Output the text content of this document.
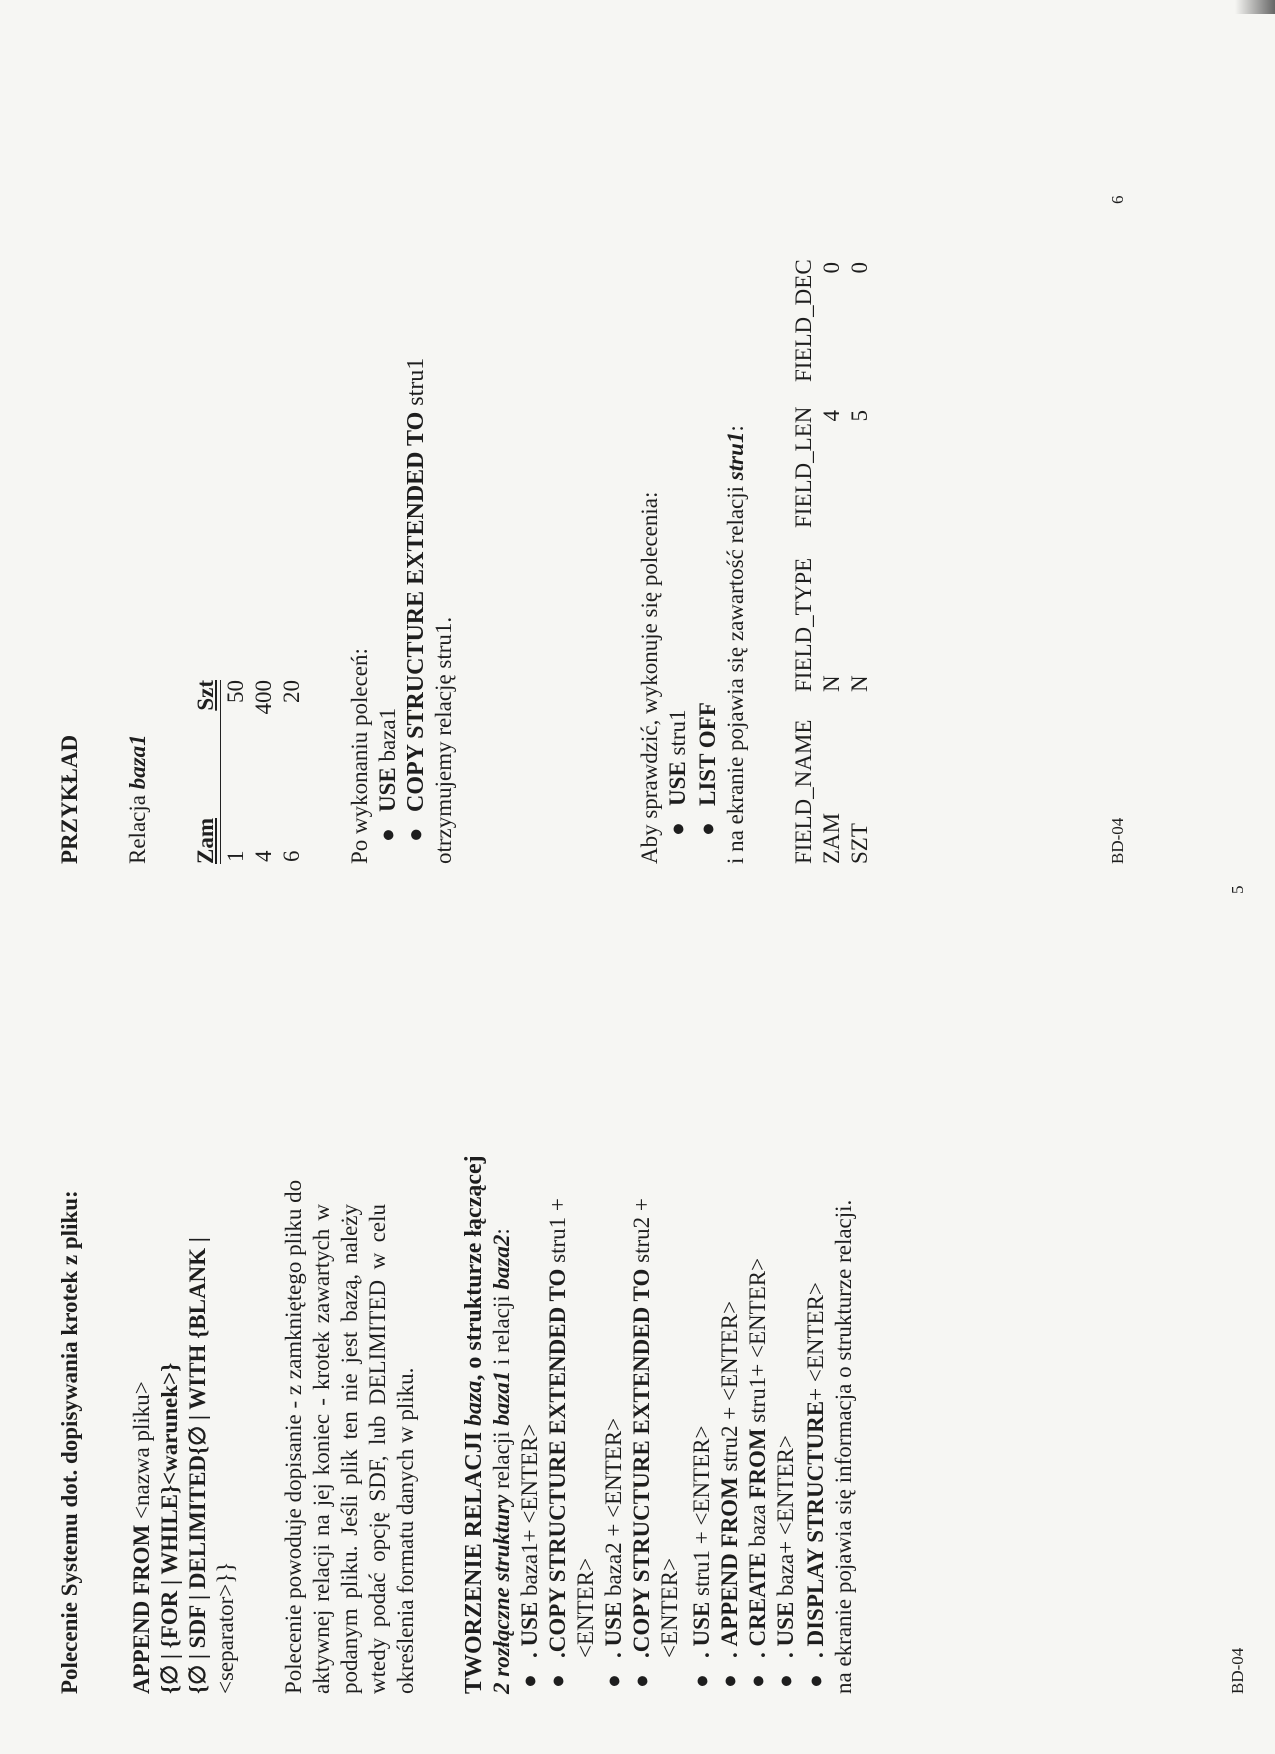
Polecenie Systemu dot. dopisywania krotek z pliku: APPEND FROM <nazwa pliku> {∅ | {FOR | WHILE}<warunek>} {∅ | SDF | DELIMITED{∅ | WITH {BLANK | <separator>}} Polecenie powoduje dopisanie - z zamkniętego pliku do aktywnej relacji na jej koniec - krotek zawartych w podanym pliku. Jeśli plik ten nie jest bazą, należy wtedy podać opcję SDF, lub DELIMITED w celu określenia formatu danych w pliku. TWORZENIE RELACJI baza, o strukturze łączącej
2 rozłączne struktury relacji baza1 i relacji baza2:
●. USE baza1+ <ENTER>
●.COPY STRUCTURE EXTENDED TO stru1 +
<ENTER>
●. USE baza2 + <ENTER>
●.COPY STRUCTURE EXTENDED TO stru2 +
<ENTER>
●. USE stru1 + <ENTER>
●. APPEND FROM stru2 + <ENTER>
●. CREATE baza FROM stru1+ <ENTER>
●. USE baza+ <ENTER>
●. DISPLAY STRUCTURE+ <ENTER> na ekranie pojawia się informacja o strukturze relacji.	BD-04
5
PRZYKŁAD Relacja baza1
Zam
Szt
1
50
4
400
6
20 Po wykonaniu poleceń: ●USE baza1
●COPY STRUCTURE EXTENDED TO stru1
otrzymujemy relację stru1.	Aby sprawdzić, wykonuje się polecenia: ●USE stru1
●LIST OFF i na ekranie pojawia się zawartość relacji stru1:
FIELD_NAME
FIELD_TYPE
FIELD_LEN
FIELD_DEC
ZAM
N
4
0
SZT
N
5
0
BD-04
6
